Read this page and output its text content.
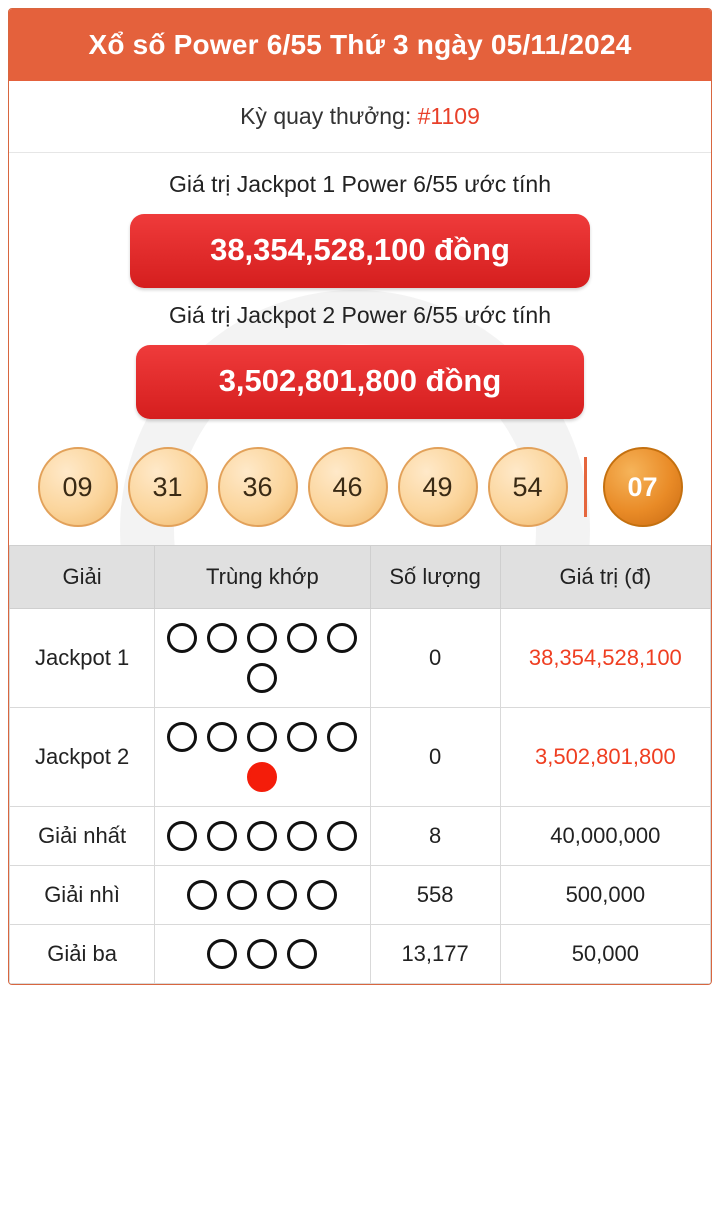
Xổ số Power 6/55 Thứ 3 ngày 05/11/2024
Kỳ quay thưởng: #1109
Giá trị Jackpot 1 Power 6/55 ước tính
38,354,528,100 đồng
Giá trị Jackpot 2 Power 6/55 ước tính
3,502,801,800 đồng
09	31	36	46	49	54	07
Giải	Trùng khớp	Số lượng	Giá trị (đ)
Jackpot 1		0	38,354,528,100
Jackpot 2		0	3,502,801,800
Giải nhất		8	40,000,000
Giải nhì		558	500,000
Giải ba		13,177	50,000
